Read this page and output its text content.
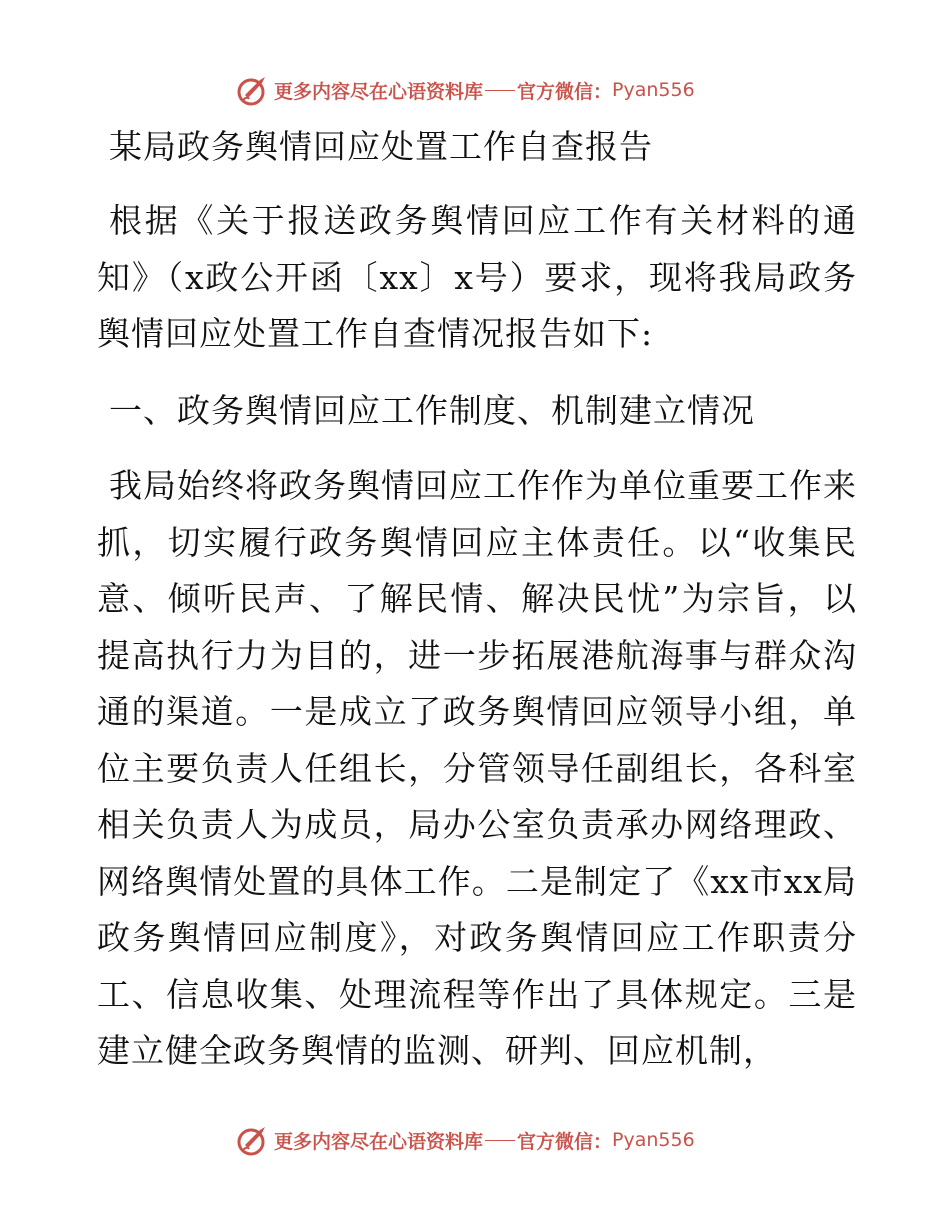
更多内容尽在心语资料库 官方微信： Pyan556
某局政务舆情回应处置工作自查报告

根据《关于报送政务舆情回应工作有关材料的通知》（x政公开函〔xx〕x号）要求，现将我局政务舆情回应处置工作自查情况报告如下:

一、政务舆情回应工作制度、机制建立情况

我局始终将政务舆情回应工作作为单位重要工作来抓，切实履行政务舆情回应主体责任。以“收集民意、倾听民声、了解民情、解决民忧”为宗旨，以提高执行力为目的，进一步拓展港航海事与群众沟通的渠道。一是成立了政务舆情回应领导小组，单位主要负责人任组长，分管领导任副组长，各科室相关负责人为成员，局办公室负责承办网络理政、网络舆情处置的具体工作。二是制定了《xx市xx局政务舆情回应制度》，对政务舆情回应工作职责分工、信息收集、处理流程等作出了具体规定。三是建立健全政务舆情的监测、研判、回应机制，

更多内容尽在心语资料库 官方微信： Pyan556
